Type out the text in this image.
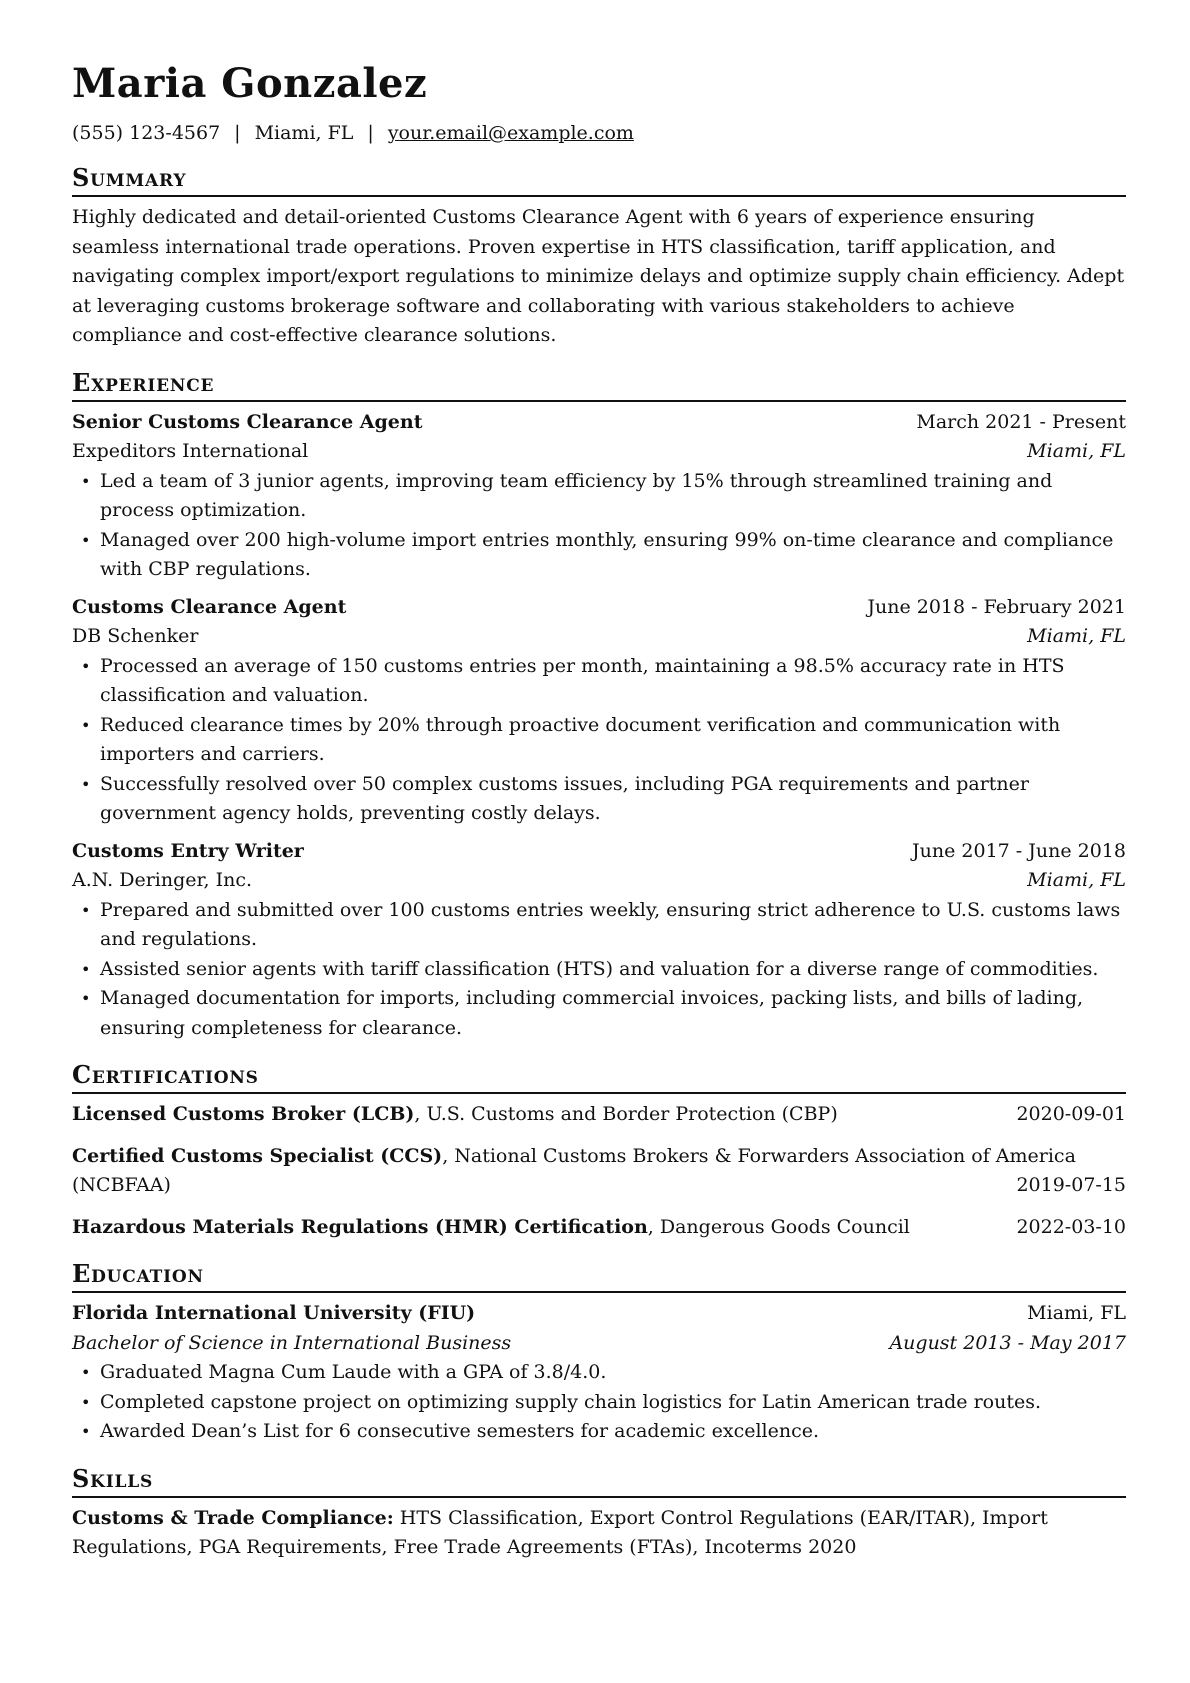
Maria Gonzalez
(555) 123-4567 | Miami, FL | your.email@example.com
Summary

Highly dedicated and detail-oriented Customs Clearance Agent with 6 years of experience ensuring seamless international trade operations. Proven expertise in HTS classification, tariff application, and navigating complex import/export regulations to minimize delays and optimize supply chain efficiency. Adept at leveraging customs brokerage software and collaborating with various stakeholders to achieve compliance and cost-effective clearance solutions.

Experience
Senior Customs Clearance Agent	March 2021 - Present
Expeditors International	Miami, FL
• Led a team of 3 junior agents, improving team efficiency by 15% through streamlined training and process optimization.
• Managed over 200 high-volume import entries monthly, ensuring 99% on-time clearance and compliance with CBP regulations.
Customs Clearance Agent	June 2018 - February 2021
DB Schenker	Miami, FL
• Processed an average of 150 customs entries per month, maintaining a 98.5% accuracy rate in HTS classification and valuation.
• Reduced clearance times by 20% through proactive document verification and communication with importers and carriers.
• Successfully resolved over 50 complex customs issues, including PGA requirements and partner government agency holds, preventing costly delays.
Customs Entry Writer	June 2017 - June 2018
A.N. Deringer, Inc.	Miami, FL
• Prepared and submitted over 100 customs entries weekly, ensuring strict adherence to U.S. customs laws and regulations.
• Assisted senior agents with tariff classification (HTS) and valuation for a diverse range of commodities.
• Managed documentation for imports, including commercial invoices, packing lists, and bills of lading, ensuring completeness for clearance.
Certifications
Licensed Customs Broker (LCB), U.S. Customs and Border Protection (CBP)	2020-09-01
Certified Customs Specialist (CCS), National Customs Brokers & Forwarders Association of America (NCBFAA)	2019-07-15
Hazardous Materials Regulations (HMR) Certification, Dangerous Goods Council	2022-03-10
Education
Florida International University (FIU)	Miami, FL
Bachelor of Science in International Business	August 2013 - May 2017
• Graduated Magna Cum Laude with a GPA of 3.8/4.0.
• Completed capstone project on optimizing supply chain logistics for Latin American trade routes.
• Awarded Dean’s List for 6 consecutive semesters for academic excellence.
Skills
Customs & Trade Compliance: HTS Classification, Export Control Regulations (EAR/ITAR), Import Regulations, PGA Requirements, Free Trade Agreements (FTAs), Incoterms 2020
